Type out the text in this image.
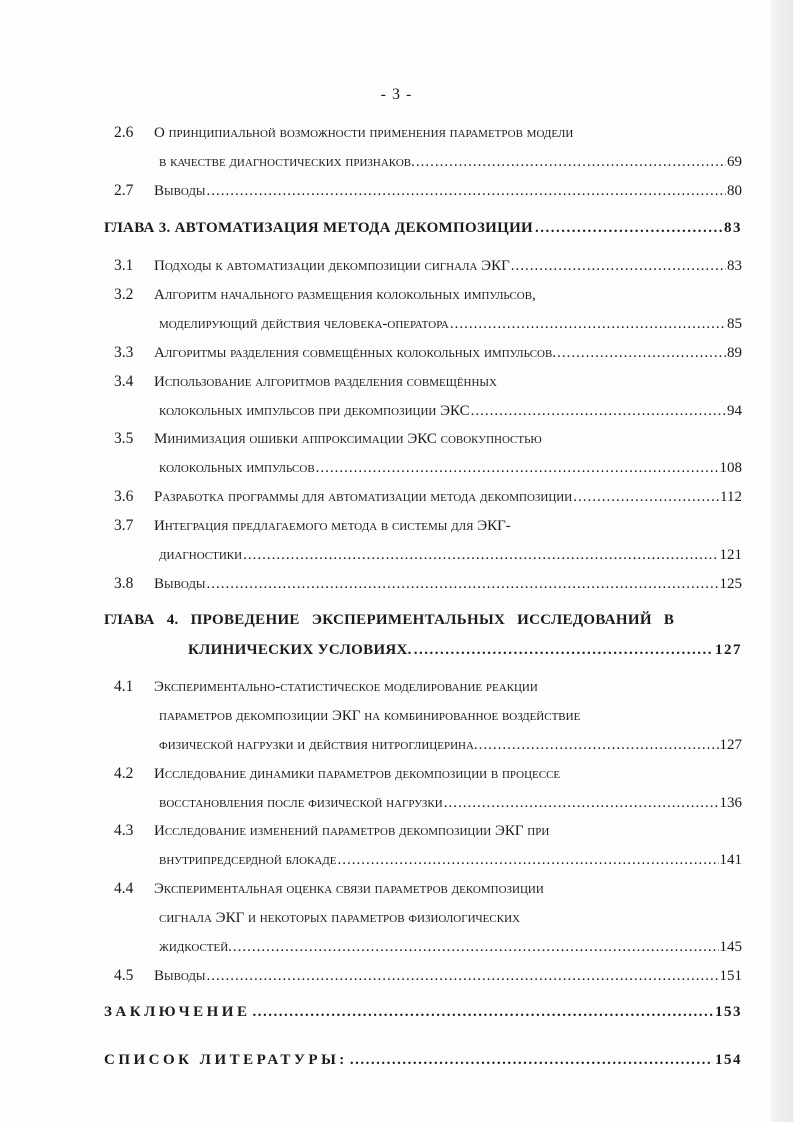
- 3 -
2.6 О принципиальной возможности применения параметров модели
в качестве диагностических признаков. .....	69
2.7 Выводы .....	80
ГЛАВА 3. АВТОМАТИЗАЦИЯ МЕТОДА ДЕКОМПОЗИЦИИ .....	83
3.1 Подходы к автоматизации декомпозиции сигнала ЭКГ .....	83
3.2 Алгоритм начального размещения колокольных импульсов,
моделирующий действия человека-оператора .....	85
3.3 Алгоритмы разделения совмещённых колокольных импульсов. .....	89
3.4 Использование алгоритмов разделения совмещённых
колокольных импульсов при декомпозиции ЭКС .....	94
3.5 Минимизация ошибки аппроксимации ЭКС совокупностью
колокольных импульсов .....	108
3.6 Разработка программы для автоматизации метода декомпозиции .....	112
3.7 Интеграция предлагаемого метода в системы для ЭКГ-
диагностики .....	121
3.8 Выводы .....	125
ГЛАВА 4. ПРОВЕДЕНИЕ ЭКСПЕРИМЕНТАЛЬНЫХ ИССЛЕДОВАНИЙ В
КЛИНИЧЕСКИХ УСЛОВИЯХ. .....	127
4.1 Экспериментально-статистическое моделирование реакции
параметров декомпозиции ЭКГ на комбинированное воздействие
физической нагрузки и действия нитроглицерина. .....	127
4.2 Исследование динамики параметров декомпозиции в процессе
восстановления после физической нагрузки .....	136
4.3 Исследование изменений параметров декомпозиции ЭКГ при
внутрипредсердной блокаде .....	141
4.4 Экспериментальная оценка связи параметров декомпозиции
сигнала ЭКГ и некоторых параметров физиологических
жидкостей. .....	145
4.5 Выводы .....	151
ЗАКЛЮЧЕНИЕ .....	153
СПИСОК ЛИТЕРАТУРЫ: .....	154
